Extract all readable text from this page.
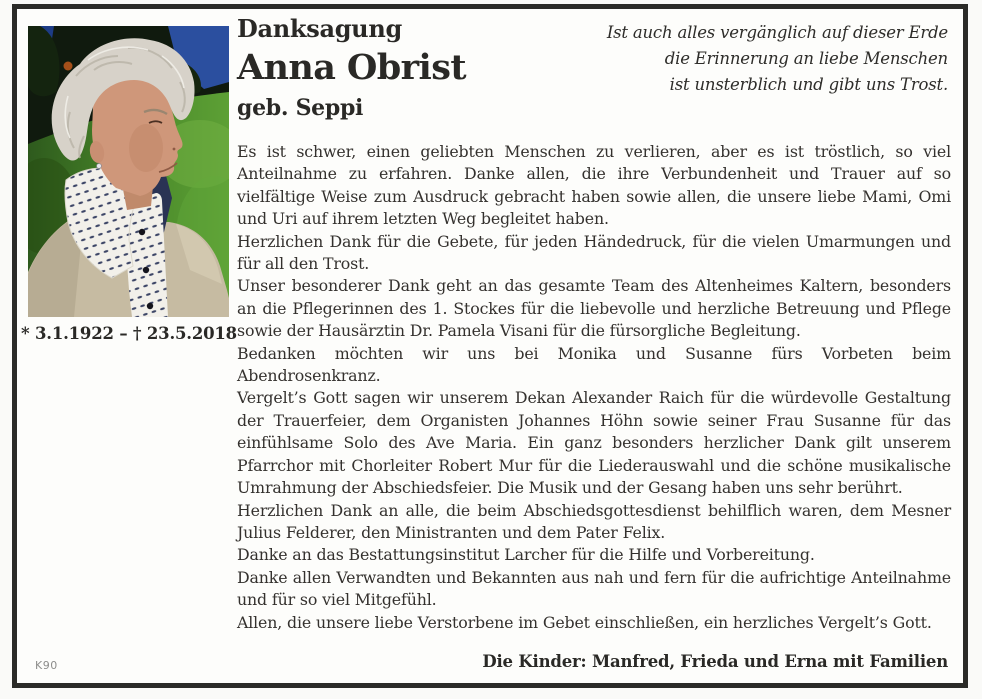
* 3.1.1922 – † 23.5.2018
Danksagung
Anna Obrist
geb. Seppi
Ist auch alles vergänglich auf dieser Erde
die Erinnerung an liebe Menschen
ist unsterblich und gibt uns Trost.

Es ist schwer, einen geliebten Menschen zu verlieren, aber es ist tröstlich, so viel Anteilnahme zu erfahren. Danke allen, die ihre Verbundenheit und Trauer auf so vielfältige Weise zum Ausdruck gebracht haben sowie allen, die unsere liebe Mami, Omi und Uri auf ihrem letzten Weg begleitet haben.

Herzlichen Dank für die Gebete, für jeden Händedruck, für die vielen Umarmungen und für all den Trost.

Unser besonderer Dank geht an das gesamte Team des Altenheimes Kaltern, besonders an die Pflegerinnen des 1. Stockes für die liebevolle und herzliche Betreuung und Pflege sowie der Hausärztin Dr. Pamela Visani für die fürsorgliche Begleitung.

Bedanken möchten wir uns bei Monika und Susanne fürs Vorbeten beim Abendrosenkranz.

Vergelt’s Gott sagen wir unserem Dekan Alexander Raich für die würdevolle Gestaltung der Trauerfeier, dem Organisten Johannes Höhn sowie seiner Frau Susanne für das einfühlsame Solo des Ave Maria. Ein ganz besonders herzlicher Dank gilt unserem Pfarrchor mit Chorleiter Robert Mur für die Liederauswahl und die schöne musikalische Umrahmung der Abschiedsfeier. Die Musik und der Gesang haben uns sehr berührt.

Herzlichen Dank an alle, die beim Abschiedsgottesdienst behilflich waren, dem Mesner Julius Felderer, den Ministranten und dem Pater Felix.

Danke an das Bestattungsinstitut Larcher für die Hilfe und Vorbereitung.

Danke allen Verwandten und Bekannten aus nah und fern für die aufrichtige Anteilnahme und für so viel Mitgefühl.

Allen, die unsere liebe Verstorbene im Gebet einschließen, ein herzliches Vergelt’s Gott.

Die Kinder: Manfred, Frieda und Erna mit Familien
K90
